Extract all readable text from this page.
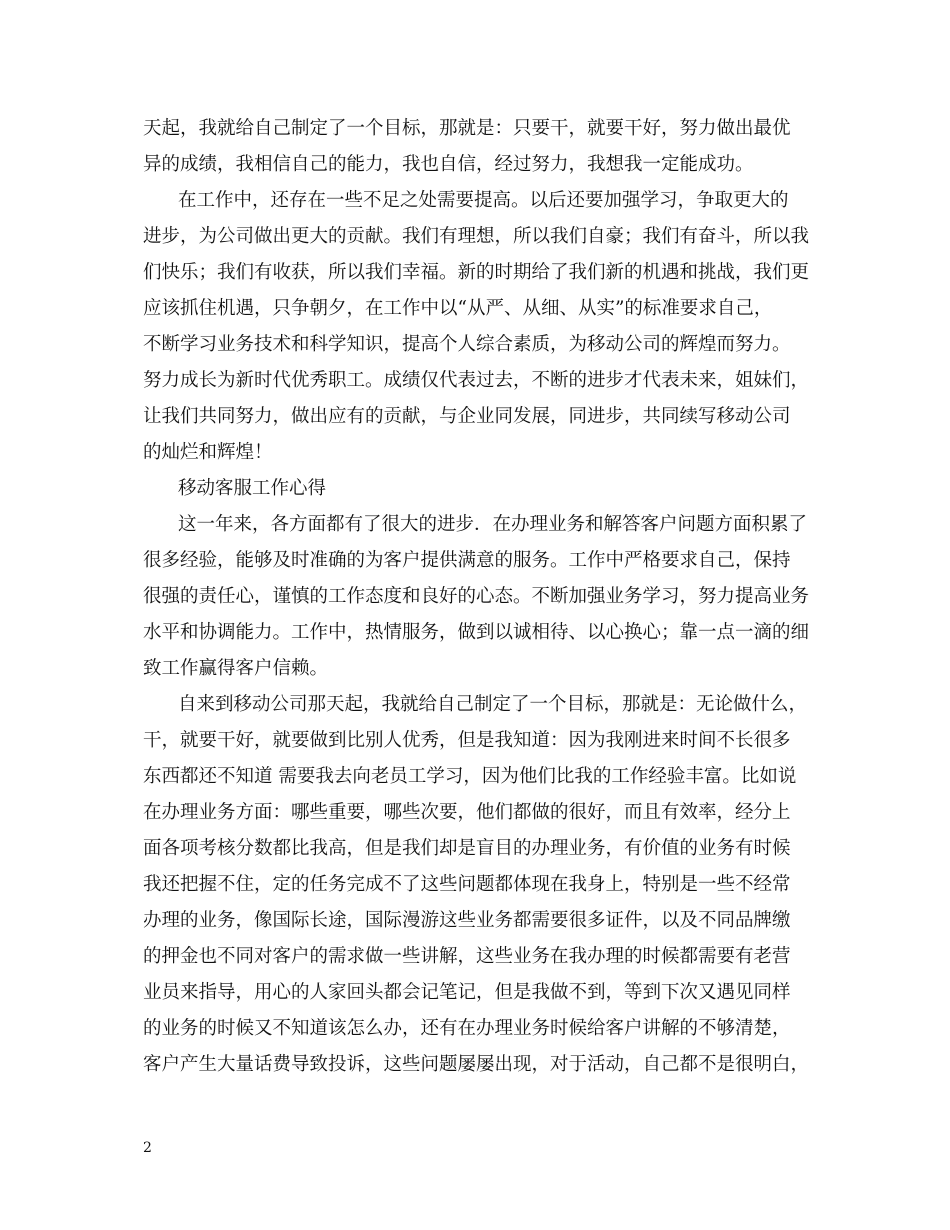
天起，我就给自己制定了一个目标，那就是：只要干，就要干好，努力做出最优
异的成绩，我相信自己的能力，我也自信，经过努力，我想我一定能成功。
在工作中，还存在一些不足之处需要提高。以后还要加强学习，争取更大的
进步，为公司做出更大的贡献。我们有理想，所以我们自豪；我们有奋斗，所以我
们快乐；我们有收获，所以我们幸福。新的时期给了我们新的机遇和挑战，我们更
应该抓住机遇，只争朝夕，在工作中以“从严、从细、从实”的标准要求自己，
不断学习业务技术和科学知识，提高个人综合素质，为移动公司的辉煌而努力。
努力成长为新时代优秀职工。成绩仅代表过去，不断的进步才代表未来，姐妹们，
让我们共同努力，做出应有的贡献，与企业同发展，同进步，共同续写移动公司
的灿烂和辉煌！
移动客服工作心得
这一年来，各方面都有了很大的进步．在办理业务和解答客户问题方面积累了
很多经验，能够及时准确的为客户提供满意的服务。工作中严格要求自己，保持
很强的责任心，谨慎的工作态度和良好的心态。不断加强业务学习，努力提高业务
水平和协调能力。工作中，热情服务，做到以诚相待、以心换心；靠一点一滴的细
致工作赢得客户信赖。
自来到移动公司那天起，我就给自己制定了一个目标，那就是：无论做什么，
干，就要干好，就要做到比别人优秀，但是我知道：因为我刚进来时间不长很多
东西都还不知道 需要我去向老员工学习，因为他们比我的工作经验丰富。比如说
在办理业务方面：哪些重要，哪些次要，他们都做的很好，而且有效率，经分上
面各项考核分数都比我高，但是我们却是盲目的办理业务，有价值的业务有时候
我还把握不住，定的任务完成不了这些问题都体现在我身上，特别是一些不经常
办理的业务，像国际长途，国际漫游这些业务都需要很多证件，以及不同品牌缴
的押金也不同对客户的需求做一些讲解，这些业务在我办理的时候都需要有老营
业员来指导，用心的人家回头都会记笔记，但是我做不到，等到下次又遇见同样
的业务的时候又不知道该怎么办，还有在办理业务时候给客户讲解的不够清楚，
客户产生大量话费导致投诉，这些问题屡屡出现，对于活动，自己都不是很明白，
2
